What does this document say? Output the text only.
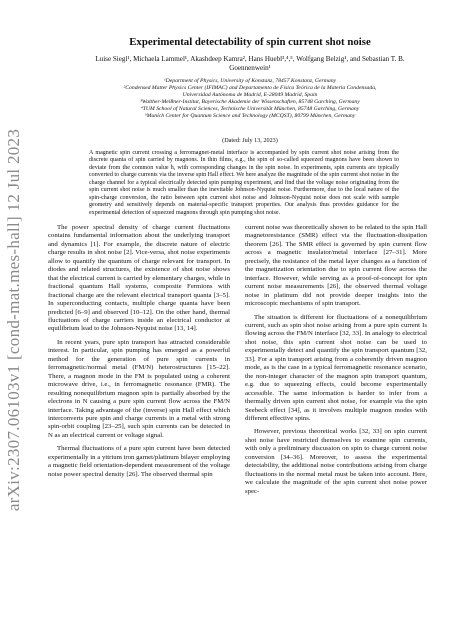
arXiv:2307.06103v1 [cond-mat.mes-hall] 12 Jul 2023
Experimental detectability of spin current shot noise
Luise Siegl¹, Michaela Lammel¹, Akashdeep Kamra², Hans Huebl³,⁴,⁵, Wolfgang Belzig¹, and Sebastian T. B. Goennenwein¹
¹Department of Physics, University of Konstanz, 78457 Konstanz, Germany
²Condensed Matter Physics Center (IFIMAC) and Departamento de Física Teórica de la Materia Condensada,
Universidad Autónoma de Madrid, E-28049 Madrid, Spain
³Walther-Meißner-Institut, Bayerische Akademie der Wissenschaften, 85748 Garching, Germany
⁴TUM School of Natural Sciences, Technische Universität München, 85748 Garching, Germany
⁵Munich Center for Quantum Science and Technology (MCQST), 80799 München, Germany
(Dated: July 13, 2023)
A magnetic spin current crossing a ferromagnet-metal interface is accompanied by spin current shot noise arising from the discrete quanta of spin carried by magnons. In thin films, e.g., the spin of so-called squeezed magnons have been shown to deviate from the common value ħ, with corresponding changes in the spin noise. In experiments, spin currents are typically converted to charge currents via the inverse spin Hall effect. We here analyze the magnitude of the spin current shot noise in the charge channel for a typical electrically detected spin pumping experiment, and find that the voltage noise originating from the spin current shot noise is much smaller than the inevitable Johnson-Nyquist noise. Furthermore, due to the local nature of the spin-charge conversion, the ratio between spin current shot noise and Johnson-Nyquist noise does not scale with sample geometry and sensitively depends on material-specific transport properties. Our analysis thus provides guidance for the experimental detection of squeezed magnons through spin pumping shot noise.

The power spectral density of charge current fluctuations contains fundamental information about the underlying transport and dynamics [1]. For example, the discrete nature of electric charge results in shot noise [2]. Vice-versa, shot noise experiments allow to quantify the quantum of charge relevant for transport. In diodes and related structures, the existence of shot noise shows that the electrical current is carried by elementary charges, while in fractional quantum Hall systems, composite Fermions with fractional charge are the relevant electrical transport quanta [3–5]. In superconducting contacts, multiple charge quanta have been predicted [6–9] and observed [10–12]. On the other hand, thermal fluctuations of charge carriers inside an electrical conductor at equilibrium lead to the Johnson-Nyquist noise [13, 14].

In recent years, pure spin transport has attracted considerable interest. In particular, spin pumping has emerged as a powerful method for the generation of pure spin currents in ferromagnetic/normal metal (FM/N) heterostructures [15–22]. There, a magnon mode in the FM is populated using a coherent microwave drive, i.e., in ferromagnetic resonance (FMR). The resulting nonequilibrium magnon spin is partially absorbed by the electrons in N causing a pure spin current flow across the FM/N interface. Taking advantage of the (inverse) spin Hall effect which interconverts pure spin and charge currents in a metal with strong spin-orbit coupling [23–25], such spin currents can be detected in N as an electrical current or voltage signal.

Thermal fluctuations of a pure spin current have been detected experimentally in a yttrium iron garnet/platinum bilayer employing a magnetic field orientation-dependent measurement of the voltage noise power spectral density [26]. The observed thermal spin

current noise was theoretically shown to be related to the spin Hall magnetoresistance (SMR) effect via the fluctuation-dissipation theorem [26]. The SMR effect is governed by spin current flow across a magnetic insulator/metal interface [27–31]. More precisely, the resistance of the metal layer changes as a function of the magnetization orientation due to spin current flow across the interface. However, while serving as a proof-of-concept for spin current noise measurements [26], the observed thermal voltage noise in platinum did not provide deeper insights into the microscopic mechanisms of spin transport.

The situation is different for fluctuations of a nonequilibrium current, such as spin shot noise arising from a pure spin current Is flowing across the FM/N interface [32, 33]. In analogy to electrical shot noise, this spin current shot noise can be used to experimentally detect and quantify the spin transport quantum [32, 33]. For a spin transport arising from a coherently driven magnon mode, as is the case in a typical ferromagnetic resonance scenario, the non-integer character of the magnon spin transport quantum, e.g. due to squeezing effects, could become experimentally accessible. The same information is harder to infer from a thermally driven spin current shot noise, for example via the spin Seebeck effect [34], as it involves multiple magnon modes with different effective spins.

However, previous theoretical works [32, 33] on spin current shot noise have restricted themselves to examine spin currents, with only a preliminary discussion on spin to charge current noise conversion [34–36]. Moreover, to assess the experimental detectability, the additional noise contributions arising from charge fluctuations in the normal metal must be taken into account. Here, we calculate the magnitude of the spin current shot noise power spec-
